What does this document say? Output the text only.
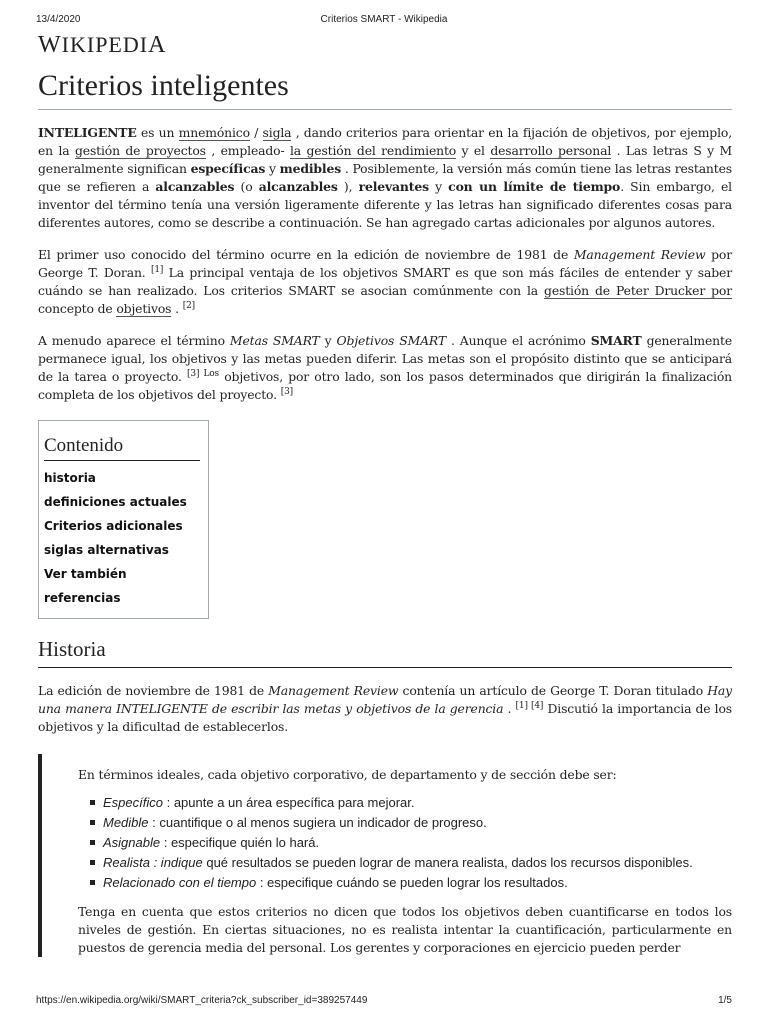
13/4/2020	Criterios SMART - Wikipedia
WIKIPEDIA
Criterios inteligentes

INTELIGENTE es un mnemónico / sigla , dando criterios para orientar en la fijación de objetivos, por ejemplo, en la gestión de proyectos , empleado- la gestión del rendimiento y el desarrollo personal . Las letras S y M generalmente significan específicas y medibles . Posiblemente, la versión más común tiene las letras restantes que se refieren a alcanzables (o alcanzables ), relevantes y con un límite de tiempo. Sin embargo, el inventor del término tenía una versión ligeramente diferente y las letras han significado diferentes cosas para diferentes autores, como se describe a continuación. Se han agregado cartas adicionales por algunos autores.

El primer uso conocido del término ocurre en la edición de noviembre de 1981 de Management Review por George T. Doran. [1] La principal ventaja de los objetivos SMART es que son más fáciles de entender y saber cuándo se han realizado. Los criterios SMART se asocian comúnmente con la gestión de Peter Drucker por concepto de objetivos . [2]

A menudo aparece el término Metas SMART y Objetivos SMART . Aunque el acrónimo SMART generalmente permanece igual, los objetivos y las metas pueden diferir. Las metas son el propósito distinto que se anticipará de la tarea o proyecto. [3] $^{Los}$ objetivos, por otro lado, son los pasos determinados que dirigirán la finalización completa de los objetivos del proyecto. [3]

Contenido
historia
definiciones actuales
Criterios adicionales
siglas alternativas
Ver también
referencias
Historia

La edición de noviembre de 1981 de Management Review contenía un artículo de George T. Doran titulado Hay una manera INTELIGENTE de escribir las metas y objetivos de la gerencia . [1] [4] Discutió la importancia de los objetivos y la dificultad de establecerlos.

En términos ideales, cada objetivo corporativo, de departamento y de sección debe ser:

Específico : apunte a un área específica para mejorar.
Medible : cuantifique o al menos sugiera un indicador de progreso.
Asignable : especifique quién lo hará.
Realista : indique qué resultados se pueden lograr de manera realista, dados los recursos disponibles.
Relacionado con el tiempo : especifique cuándo se pueden lograr los resultados.

Tenga en cuenta que estos criterios no dicen que todos los objetivos deben cuantificarse en todos los niveles de gestión. En ciertas situaciones, no es realista intentar la cuantificación, particularmente en puestos de gerencia media del personal. Los gerentes y corporaciones en ejercicio pueden perder

https://en.wikipedia.org/wiki/SMART_criteria?ck_subscriber_id=389257449	1/5
